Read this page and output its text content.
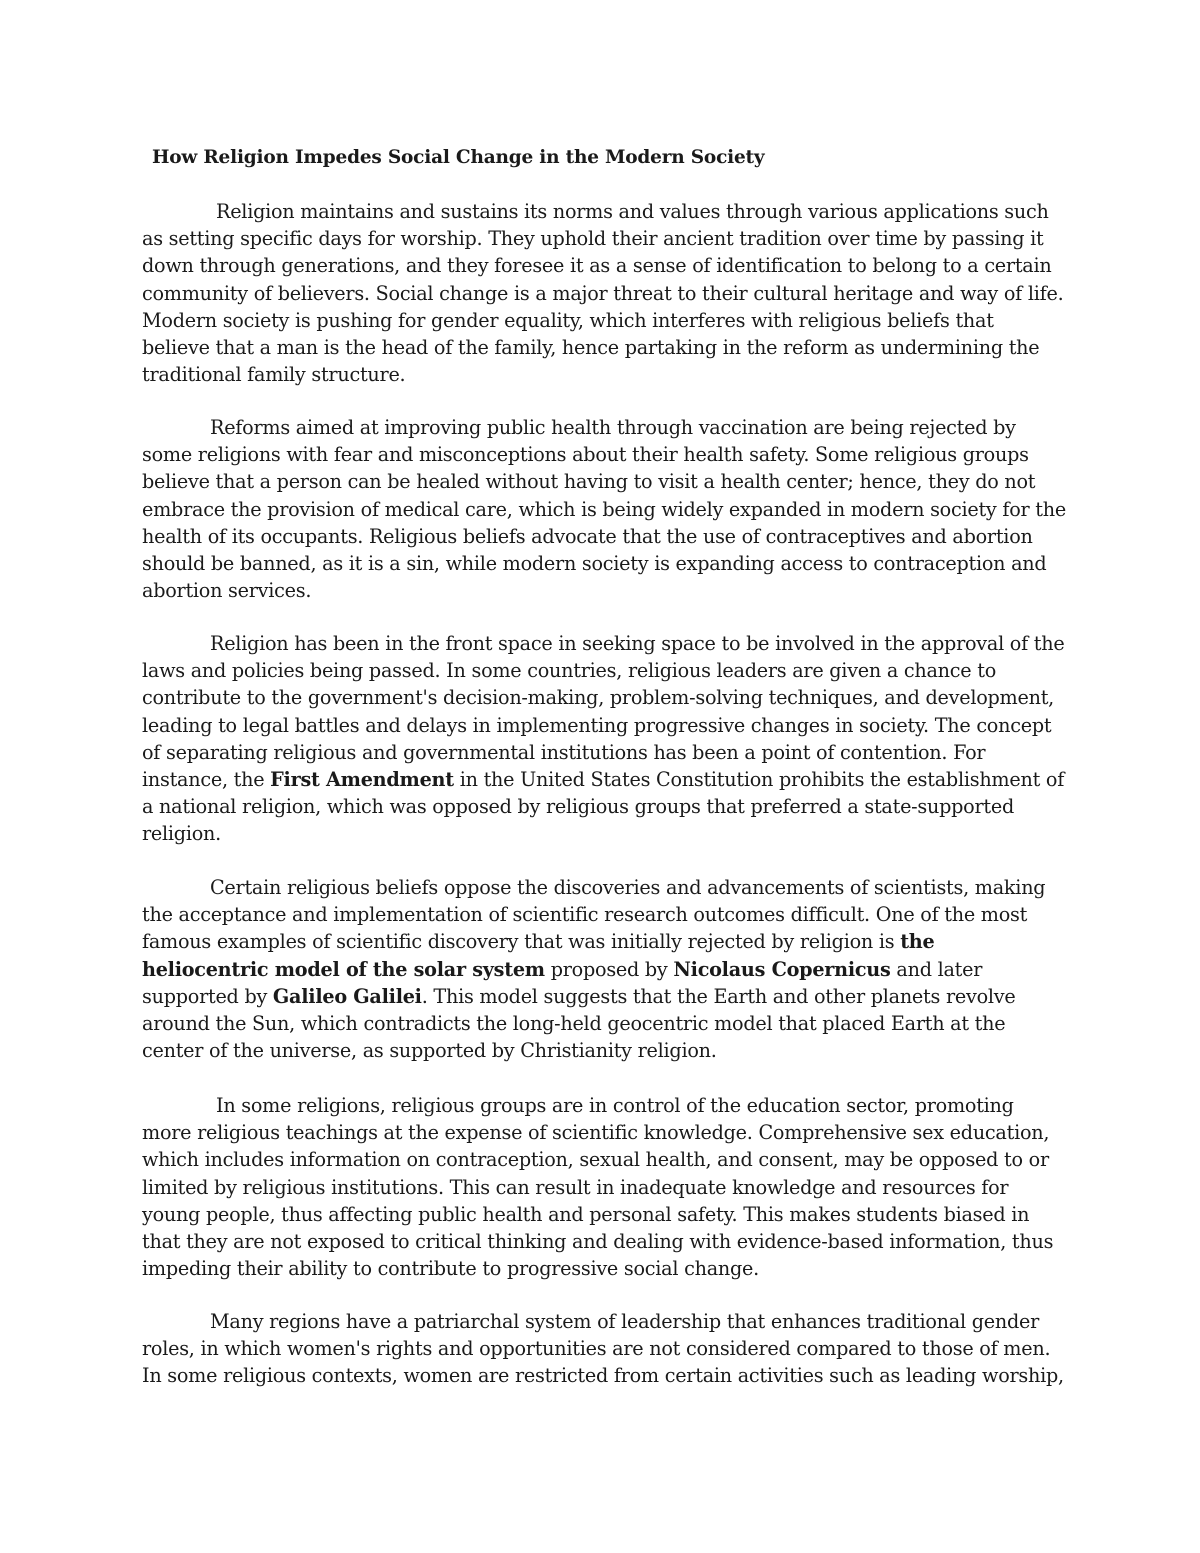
How Religion Impedes Social Change in the Modern Society

Religion maintains and sustains its norms and values through various applications such as setting specific days for worship. They uphold their ancient tradition over time by passing it down through generations, and they foresee it as a sense of identification to belong to a certain community of believers. Social change is a major threat to their cultural heritage and way of life. Modern society is pushing for gender equality, which interferes with religious beliefs that believe that a man is the head of the family, hence partaking in the reform as undermining the traditional family structure.

Reforms aimed at improving public health through vaccination are being rejected by some religions with fear and misconceptions about their health safety. Some religious groups believe that a person can be healed without having to visit a health center; hence, they do not embrace the provision of medical care, which is being widely expanded in modern society for the health of its occupants. Religious beliefs advocate that the use of contraceptives and abortion should be banned, as it is a sin, while modern society is expanding access to contraception and abortion services.

Religion has been in the front space in seeking space to be involved in the approval of the laws and policies being passed. In some countries, religious leaders are given a chance to contribute to the government's decision-making, problem-solving techniques, and development, leading to legal battles and delays in implementing progressive changes in society. The concept of separating religious and governmental institutions has been a point of contention. For instance, the First Amendment in the United States Constitution prohibits the establishment of a national religion, which was opposed by religious groups that preferred a state-supported religion.

Certain religious beliefs oppose the discoveries and advancements of scientists, making the acceptance and implementation of scientific research outcomes difficult. One of the most famous examples of scientific discovery that was initially rejected by religion is the heliocentric model of the solar system proposed by Nicolaus Copernicus and later supported by Galileo Galilei. This model suggests that the Earth and other planets revolve around the Sun, which contradicts the long-held geocentric model that placed Earth at the center of the universe, as supported by Christianity religion.

In some religions, religious groups are in control of the education sector, promoting more religious teachings at the expense of scientific knowledge. Comprehensive sex education, which includes information on contraception, sexual health, and consent, may be opposed to or limited by religious institutions. This can result in inadequate knowledge and resources for young people, thus affecting public health and personal safety. This makes students biased in that they are not exposed to critical thinking and dealing with evidence-based information, thus impeding their ability to contribute to progressive social change.

Many regions have a patriarchal system of leadership that enhances traditional gender roles, in which women's rights and opportunities are not considered compared to those of men. In some religious contexts, women are restricted from certain activities such as leading worship,
